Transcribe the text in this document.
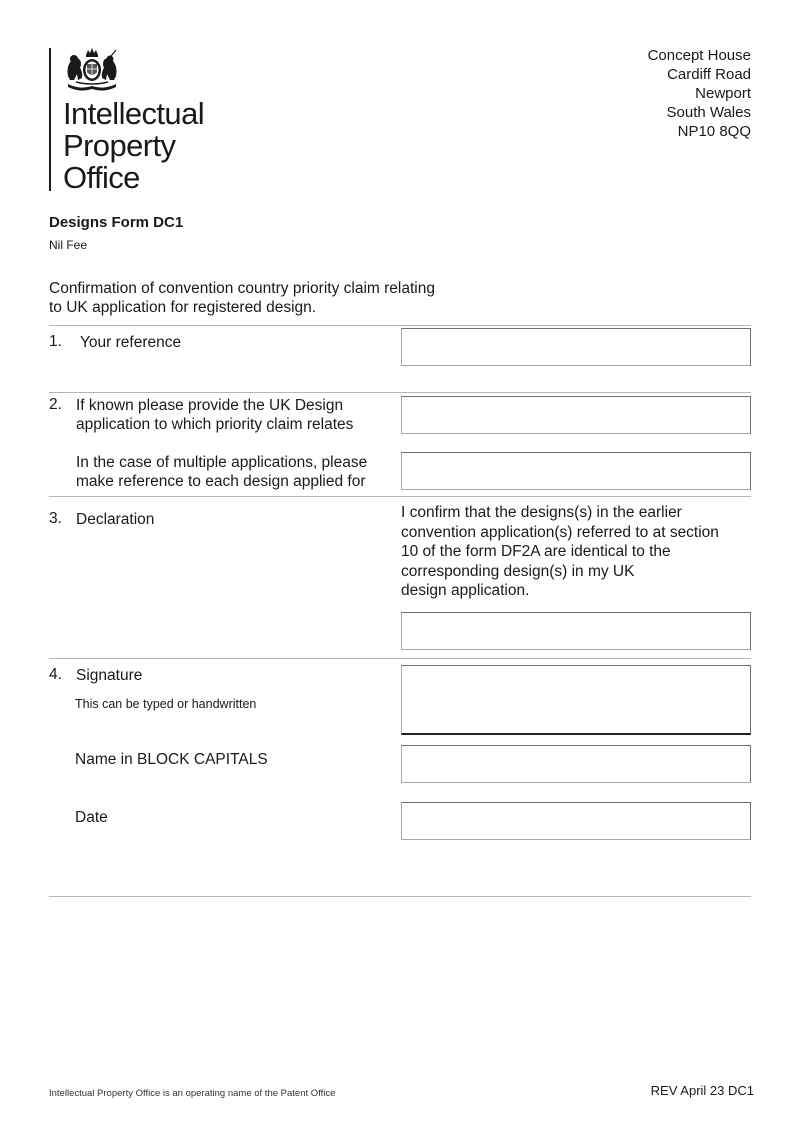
Intellectual
Property
Office
Concept House
Cardiff Road
Newport
South Wales
NP10 8QQ
Designs Form DC1
Nil Fee
Confirmation of convention country priority claim relating
to UK application for registered design.
1. Your reference
2. If known please provide the UK Design
application to which priority claim relates
In the case of multiple applications, please
make reference to each design applied for
3. Declaration	I confirm that the designs(s) in the earlier
convention application(s) referred to at section
10 of the form DF2A are identical to the
corresponding design(s) in my UK
design application.
4. Signature
This can be typed or handwritten
Name in BLOCK CAPITALS
Date
Intellectual Property Office is an operating name of the Patent Office	REV April 23 DC1
